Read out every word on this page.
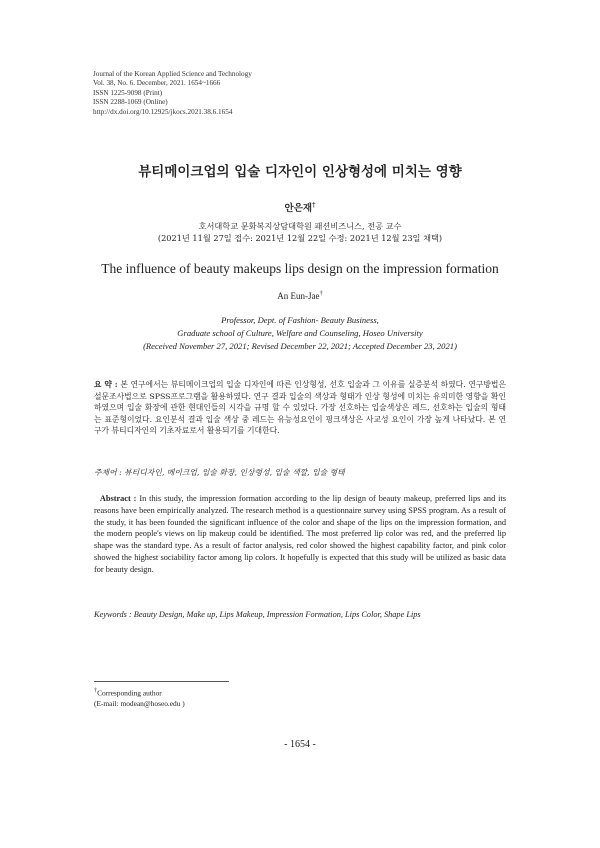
Journal of the Korean Applied Science and Technology
Vol. 38, No. 6. December, 2021. 1654~1666
ISSN 1225-9098 (Print)
ISSN 2288-1069 (Online)
http://dx.doi.org/10.12925/jkocs.2021.38.6.1654
뷰티메이크업의 입술 디자인이 인상형성에 미치는 영향
안은재†
호서대학교 문화복지상담대학원 패션비즈니스, 전공 교수
(2021년 11월 27일 접수: 2021년 12월 22일 수정: 2021년 12월 23일 채택)
The influence of beauty makeups lips design on the impression formation
An Eun-Jae†
Professor, Dept. of Fashion- Beauty Business,
Graduate school of Culture, Welfare and Counseling, Hoseo University
(Received November 27, 2021; Revised December 22, 2021; Accepted December 23, 2021)
요 약 : 본 연구에서는 뷰티메이크업의 입술 디자인에 따른 인상형성, 선호 입술과 그 이유를 실증분석 하였다. 연구방법은 설문조사법으로 SPSS프로그램을 활용하였다. 연구 결과 입술의 색상과 형태가 인상 형성에 미치는 유의미한 영향을 확인하였으며 입술 화장에 관한 현대인들의 시각을 규명 할 수 있었다. 가장 선호하는 입술색상은 레드, 선호하는 입술의 형태는 표준형이었다. 요인분석 결과 입술 색상 중 레드는 유능성요인이 핑크색상은 사교성 요인이 가장 높게 나타났다. 본 연구가 뷰티디자인의 기초자료로서 활용되기를 기대한다.
주제어 : 뷰티디자인, 메이크업, 입술 화장, 인상형성, 입술 색깔, 입술 형태
Abstract : In this study, the impression formation according to the lip design of beauty makeup, preferred lips and its reasons have been empirically analyzed. The research method is a questionnaire survey using SPSS program. As a result of the study, it has been founded the significant influence of the color and shape of the lips on the impression formation, and the modern people's views on lip makeup could be identified. The most preferred lip color was red, and the preferred lip shape was the standard type. As a result of factor analysis, red color showed the highest capability factor, and pink color showed the highest sociability factor among lip colors. It hopefully is expected that this study will be utilized as basic data for beauty design.
Keywords : Beauty Design, Make up, Lips Makeup, Impression Formation, Lips Color, Shape Lips
†Corresponding author
(E-mail: modean@hoseo.edu )
- 1654 -
